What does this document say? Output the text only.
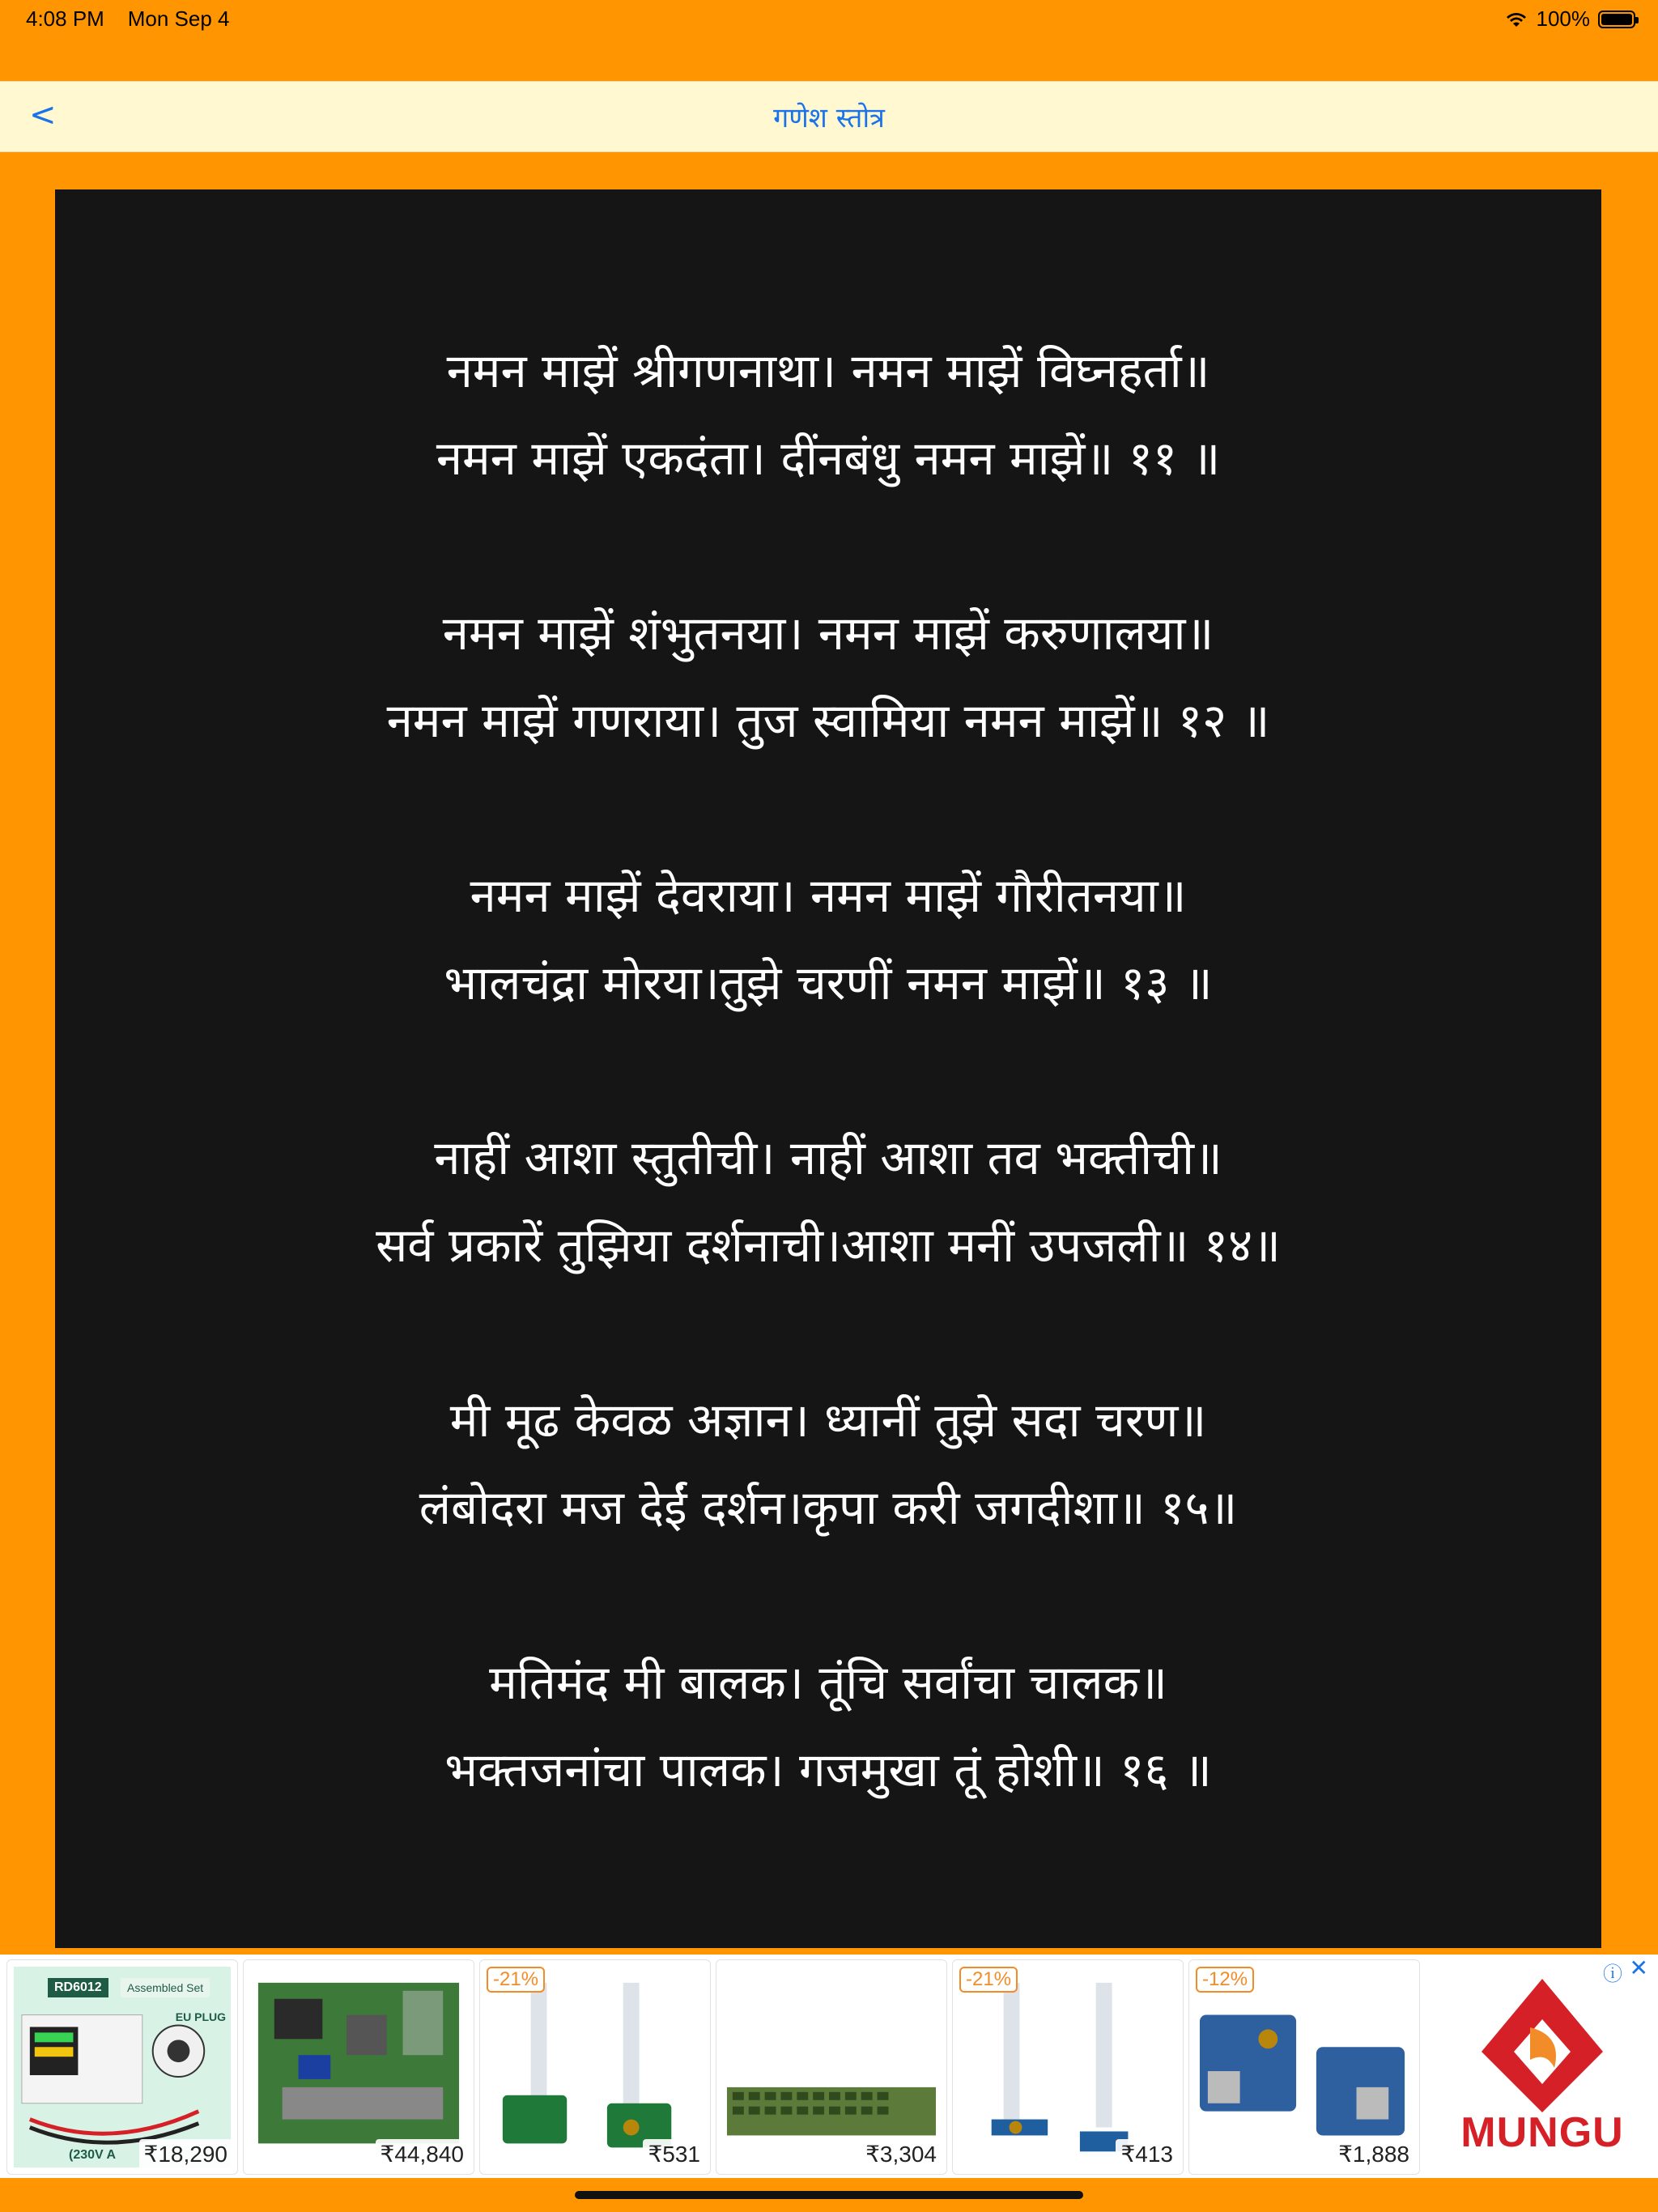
4:08 PM Mon Sep 4	100%
<	गणेश स्तोत्र
नमन माझें श्रीगणनाथा। नमन माझें विघ्नहर्ता॥
नमन माझें एकदंता। दींनबंधु नमन माझें॥ ११ ॥
नमन माझें शंभुतनया। नमन माझें करुणालया॥
नमन माझें गणराया। तुज स्वामिया नमन माझें॥ १२ ॥
नमन माझें देवराया। नमन माझें गौरीतनया॥
भालचंद्रा मोरया।तुझे चरणीं नमन माझें॥ १३ ॥
नाहीं आशा स्तुतीची। नाहीं आशा तव भक्तीची॥
सर्व प्रकारें तुझिया दर्शनाची।आशा मनीं उपजली॥ १४॥
मी मूढ केवळ अज्ञान। ध्यानीं तुझे सदा चरण॥
लंबोदरा मज देईं दर्शन।कृपा करी जगदीशा॥ १५॥
मतिमंद मी बालक। तूंचि सर्वांचा चालक॥
भक्तजनांचा पालक। गजमुखा तूं होशी॥ १६ ॥
RD6012	Assembled Set
EU PLUG
(230V A ₹18,290	₹44,840
-21%
₹531	₹3,304
-21%
₹413
-12%
₹1,888	MUNGU
ⓘ ✕
